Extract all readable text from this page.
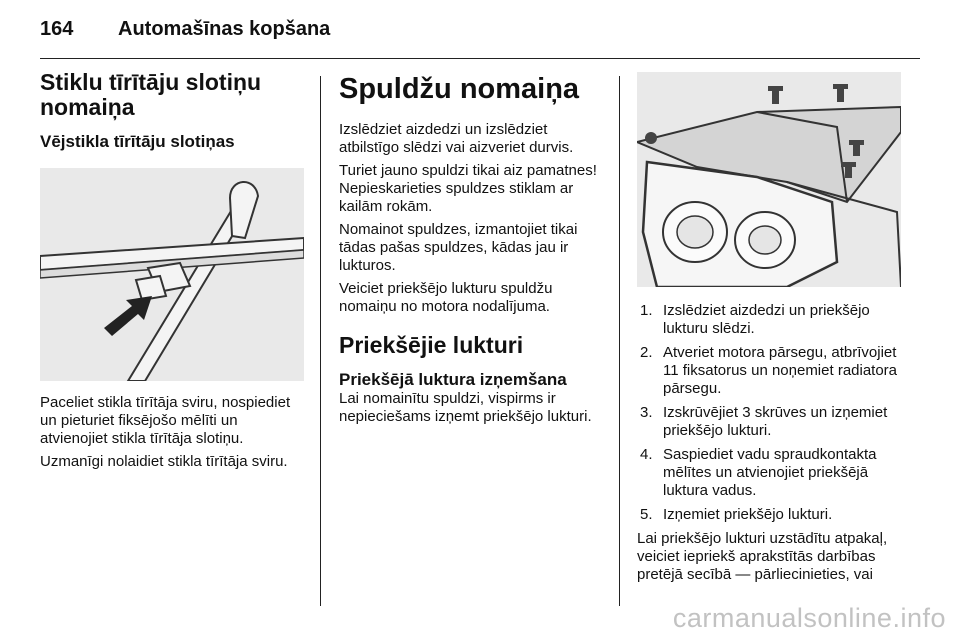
164 Automašīnas kopšana
Stiklu tīrītāju slotiņu
nomaiņa
Vējstikla tīrītāju slotiņas

Paceliet stikla tīrītāja sviru, nospiediet un pieturiet fiksējošo mēlīti un atvienojiet stikla tīrītāja slotiņu.

Uzmanīgi nolaidiet stikla tīrītāja sviru.

Spuldžu nomaiņa

Izslēdziet aizdedzi un izslēdziet atbilstīgo slēdzi vai aizveriet durvis.

Turiet jauno spuldzi tikai aiz pamatnes! Nepieskarieties spuldzes stiklam ar kailām rokām.

Nomainot spuldzes, izmantojiet tikai tādas pašas spuldzes, kādas jau ir lukturos.

Veiciet priekšējo lukturu spuldžu nomaiņu no motora nodalījuma.

Priekšējie lukturi
Priekšējā luktura izņemšana

Lai nomainītu spuldzi, vispirms ir nepieciešams izņemt priekšējo lukturi.

1. Izslēdziet aizdedzi un priekšējo lukturu slēdzi.
2. Atveriet motora pārsegu, atbrīvojiet 11 fiksatorus un noņemiet radiatora pārsegu.
3. Izskrūvējiet 3 skrūves un izņemiet priekšējo lukturi.
4. Saspiediet vadu spraudkontakta mēlītes un atvienojiet priekšējā luktura vadus.
5. Izņemiet priekšējo lukturi.

Lai priekšējo lukturi uzstādītu atpakaļ, veiciet iepriekš aprakstītās darbības pretējā secībā — pārliecinieties, vai

carmanualsonline.info
